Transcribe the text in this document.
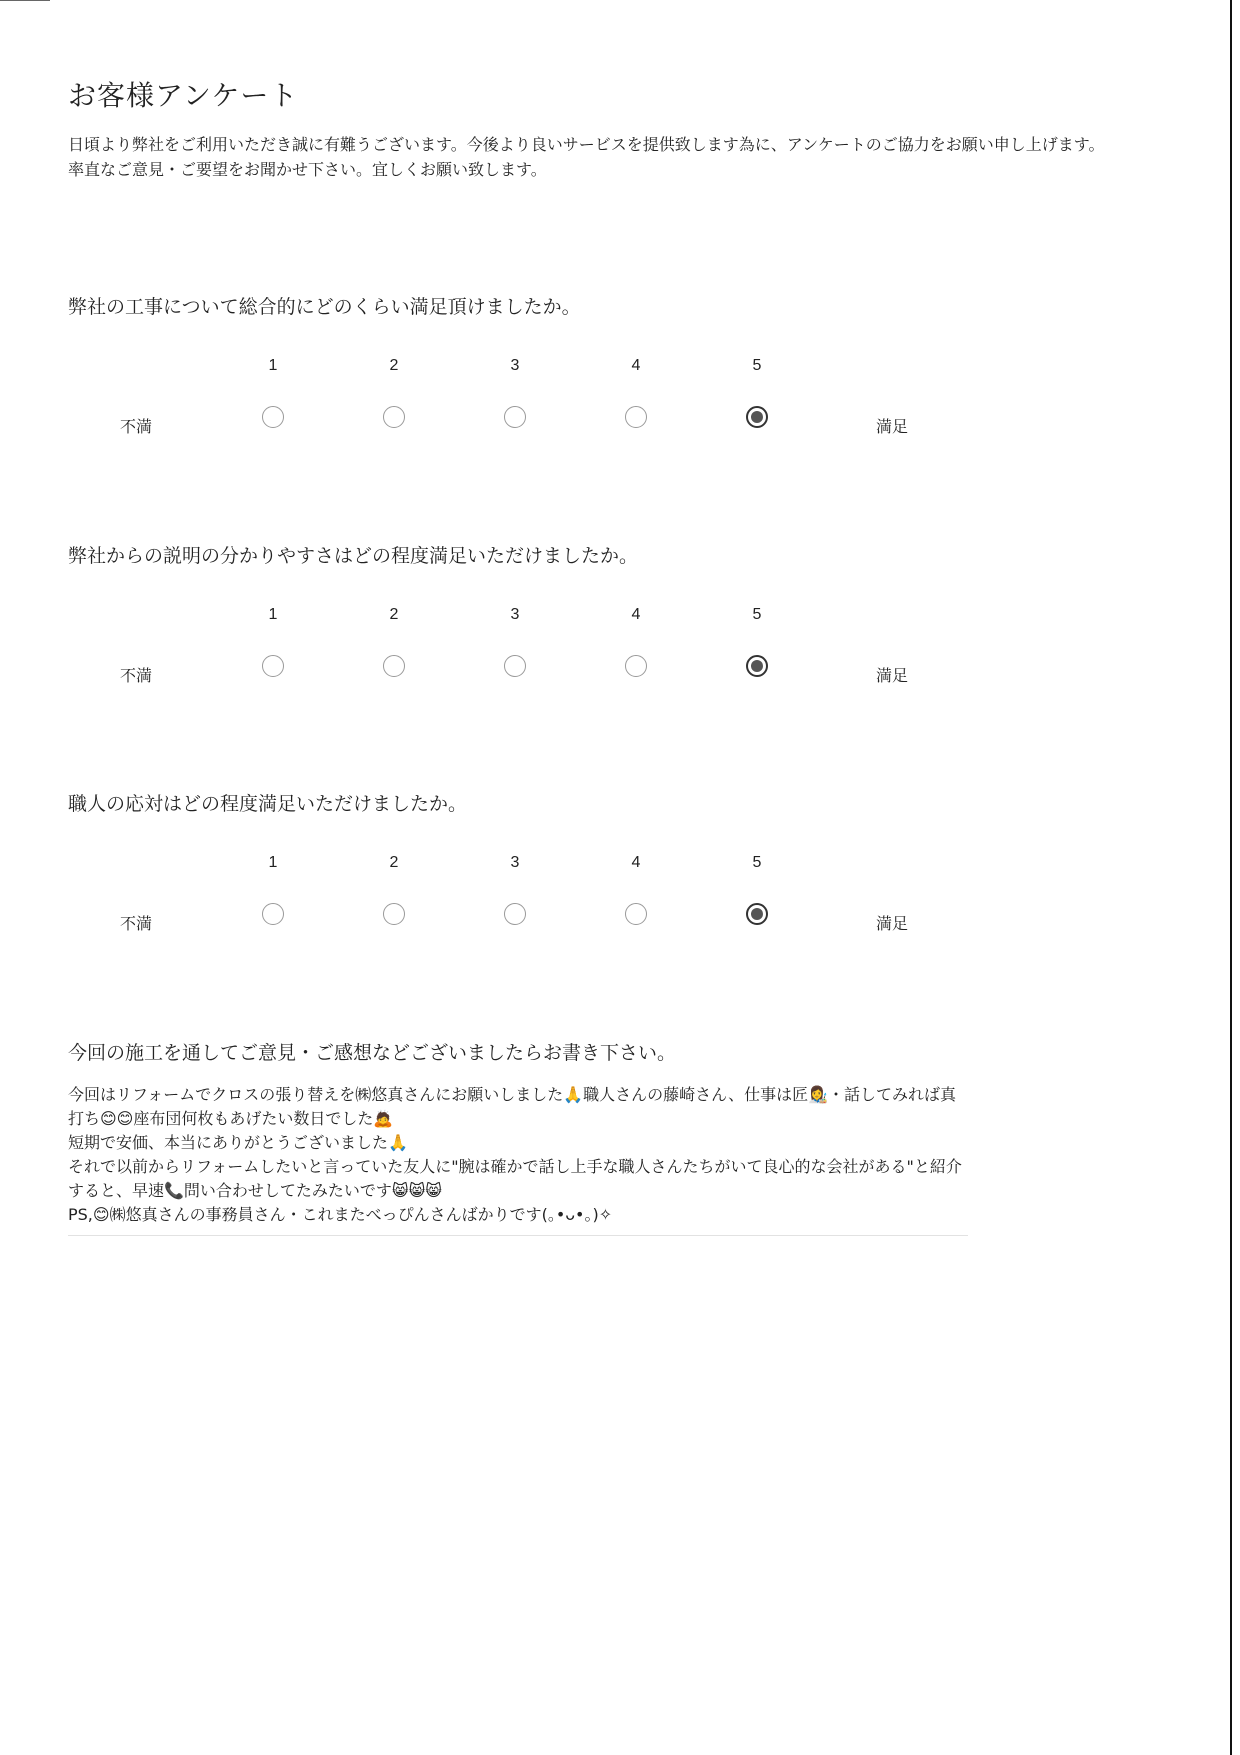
お客様アンケート

日頃より弊社をご利用いただき誠に有難うございます。今後より良いサービスを提供致します為に、アンケートのご協力をお願い申し上げます。

率直なご意見・ご要望をお聞かせ下さい。宜しくお願い致します。

弊社の工事について総合的にどのくらい満足頂けましたか。
1	2	3	4	5
不満	満足
弊社からの説明の分かりやすさはどの程度満足いただけましたか。
1	2	3	4	5
不満	満足
職人の応対はどの程度満足いただけましたか。
1	2	3	4	5
不満	満足
今回の施工を通してご意見・ご感想などございましたらお書き下さい。

今回はリフォームでクロスの張り替えを㈱悠真さんにお願いしました🙏職人さんの藤崎さん、仕事は匠👩‍🎨・話してみれば真打ち😊😊座布団何枚もあげたい数日でした🙇

短期で安価、本当にありがとうございました🙏

それで以前からリフォームしたいと言っていた友人に"腕は確かで話し上手な職人さんたちがいて良心的な会社がある"と紹介すると、早速📞問い合わせしてたみたいです😸😸😸

PS,😊㈱悠真さんの事務員さん・これまたべっぴんさんばかりです(｡•ᴗ•｡)✧
